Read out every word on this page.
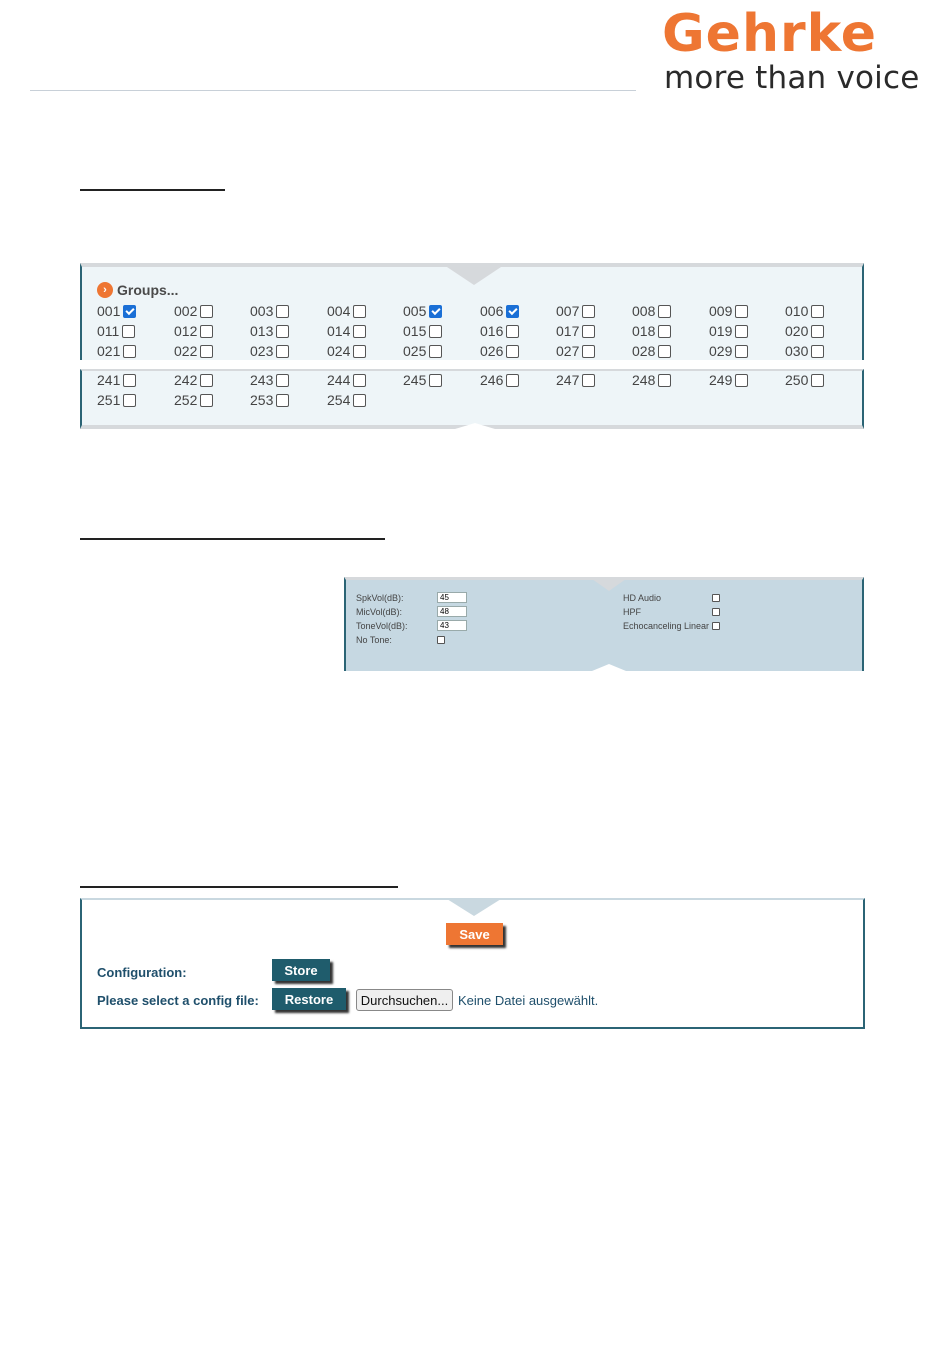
Gehrke
more than voice
› Groups...
001	002	003	004	005	006	007	008	009	010
011	012	013	014	015	016	017	018	019	020
021	022	023	024	025	026	027	028	029	030
241	242	243	244	245	246	247	248	249	250
251	252	253	254
SpkVol(dB):	45
MicVol(dB):	48
ToneVol(dB):	43
No Tone:
HD Audio
HPF
Echocanceling Linear
Save
Configuration:	Store
Please select a config file:	Restore	Durchsuchen... Keine Datei ausgewählt.
